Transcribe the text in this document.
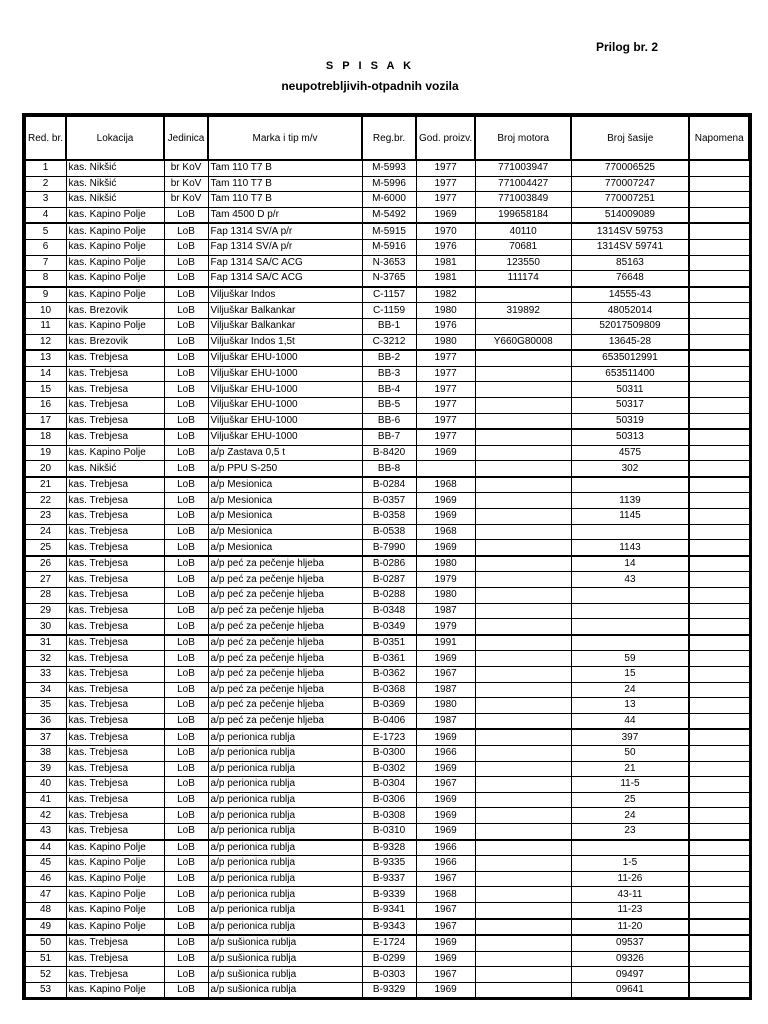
Prilog br. 2
S P I S A K
neupotrebljivih-otpadnih vozila
Red. br.	Lokacija	Jedinica	Marka i tip m/v	Reg.br.	God. proizv.	Broj motora	Broj šasije	Napomena
1	kas. Nikšić	br KoV	Tam 110 T7 B	M-5993	1977	771003947	770006525	
2	kas. Nikšić	br KoV	Tam 110 T7 B	M-5996	1977	771004427	770007247	
3	kas. Nikšić	br KoV	Tam 110 T7 B	M-6000	1977	771003849	770007251	
4	kas. Kapino Polje	LoB	Tam 4500 D p/r	M-5492	1969	199658184	514009089	
5	kas. Kapino Polje	LoB	Fap 1314 SV/A p/r	M-5915	1970	40110	1314SV 59753	
6	kas. Kapino Polje	LoB	Fap 1314 SV/A p/r	M-5916	1976	70681	1314SV 59741	
7	kas. Kapino Polje	LoB	Fap 1314 SA/C ACG	N-3653	1981	123550	85163	
8	kas. Kapino Polje	LoB	Fap 1314 SA/C ACG	N-3765	1981	111174	76648	
9	kas. Kapino Polje	LoB	Viljuškar Indos	C-1157	1982		14555-43	
10	kas. Brezovik	LoB	Viljuškar Balkankar	C-1159	1980	319892	48052014	
11	kas. Kapino Polje	LoB	Viljuškar Balkankar	BB-1	1976		52017509809	
12	kas. Brezovik	LoB	Viljuškar Indos 1,5t	C-3212	1980	Y660G80008	13645-28	
13	kas. Trebjesa	LoB	Viljuškar EHU-1000	BB-2	1977		6535012991	
14	kas. Trebjesa	LoB	Viljuškar EHU-1000	BB-3	1977		653511400	
15	kas. Trebjesa	LoB	Viljuškar EHU-1000	BB-4	1977		50311	
16	kas. Trebjesa	LoB	Viljuškar EHU-1000	BB-5	1977		50317	
17	kas. Trebjesa	LoB	Viljuškar EHU-1000	BB-6	1977		50319	
18	kas. Trebjesa	LoB	Viljuškar EHU-1000	BB-7	1977		50313	
19	kas. Kapino Polje	LoB	a/p Zastava 0,5 t	B-8420	1969		4575	
20	kas. Nikšić	LoB	a/p PPU S-250	BB-8			302	
21	kas. Trebjesa	LoB	a/p Mesionica	B-0284	1968			
22	kas. Trebjesa	LoB	a/p Mesionica	B-0357	1969		1139	
23	kas. Trebjesa	LoB	a/p Mesionica	B-0358	1969		1145	
24	kas. Trebjesa	LoB	a/p Mesionica	B-0538	1968			
25	kas. Trebjesa	LoB	a/p Mesionica	B-7990	1969		1143	
26	kas. Trebjesa	LoB	a/p peć za pečenje hljeba	B-0286	1980		14	
27	kas. Trebjesa	LoB	a/p peć za pečenje hljeba	B-0287	1979		43	
28	kas. Trebjesa	LoB	a/p peć za pečenje hljeba	B-0288	1980			
29	kas. Trebjesa	LoB	a/p peć za pečenje hljeba	B-0348	1987			
30	kas. Trebjesa	LoB	a/p peć za pečenje hljeba	B-0349	1979			
31	kas. Trebjesa	LoB	a/p peć za pečenje hljeba	B-0351	1991			
32	kas. Trebjesa	LoB	a/p peć za pečenje hljeba	B-0361	1969		59	
33	kas. Trebjesa	LoB	a/p peć za pečenje hljeba	B-0362	1967		15	
34	kas. Trebjesa	LoB	a/p peć za pečenje hljeba	B-0368	1987		24	
35	kas. Trebjesa	LoB	a/p peć za pečenje hljeba	B-0369	1980		13	
36	kas. Trebjesa	LoB	a/p peć za pečenje hljeba	B-0406	1987		44	
37	kas. Trebjesa	LoB	a/p perionica rublja	E-1723	1969		397	
38	kas. Trebjesa	LoB	a/p perionica rublja	B-0300	1966		50	
39	kas. Trebjesa	LoB	a/p perionica rublja	B-0302	1969		21	
40	kas. Trebjesa	LoB	a/p perionica rublja	B-0304	1967		11-5	
41	kas. Trebjesa	LoB	a/p perionica rublja	B-0306	1969		25	
42	kas. Trebjesa	LoB	a/p perionica rublja	B-0308	1969		24	
43	kas. Trebjesa	LoB	a/p perionica rublja	B-0310	1969		23	
44	kas. Kapino Polje	LoB	a/p perionica rublja	B-9328	1966			
45	kas. Kapino Polje	LoB	a/p perionica rublja	B-9335	1966		1-5	
46	kas. Kapino Polje	LoB	a/p perionica rublja	B-9337	1967		11-26	
47	kas. Kapino Polje	LoB	a/p perionica rublja	B-9339	1968		43-11	
48	kas. Kapino Polje	LoB	a/p perionica rublja	B-9341	1967		11-23	
49	kas. Kapino Polje	LoB	a/p perionica rublja	B-9343	1967		11-20	
50	kas. Trebjesa	LoB	a/p sušionica rublja	E-1724	1969		09537	
51	kas. Trebjesa	LoB	a/p sušionica rublja	B-0299	1969		09326	
52	kas. Trebjesa	LoB	a/p sušionica rublja	B-0303	1967		09497	
53	kas. Kapino Polje	LoB	a/p sušionica rublja	B-9329	1969		09641	
